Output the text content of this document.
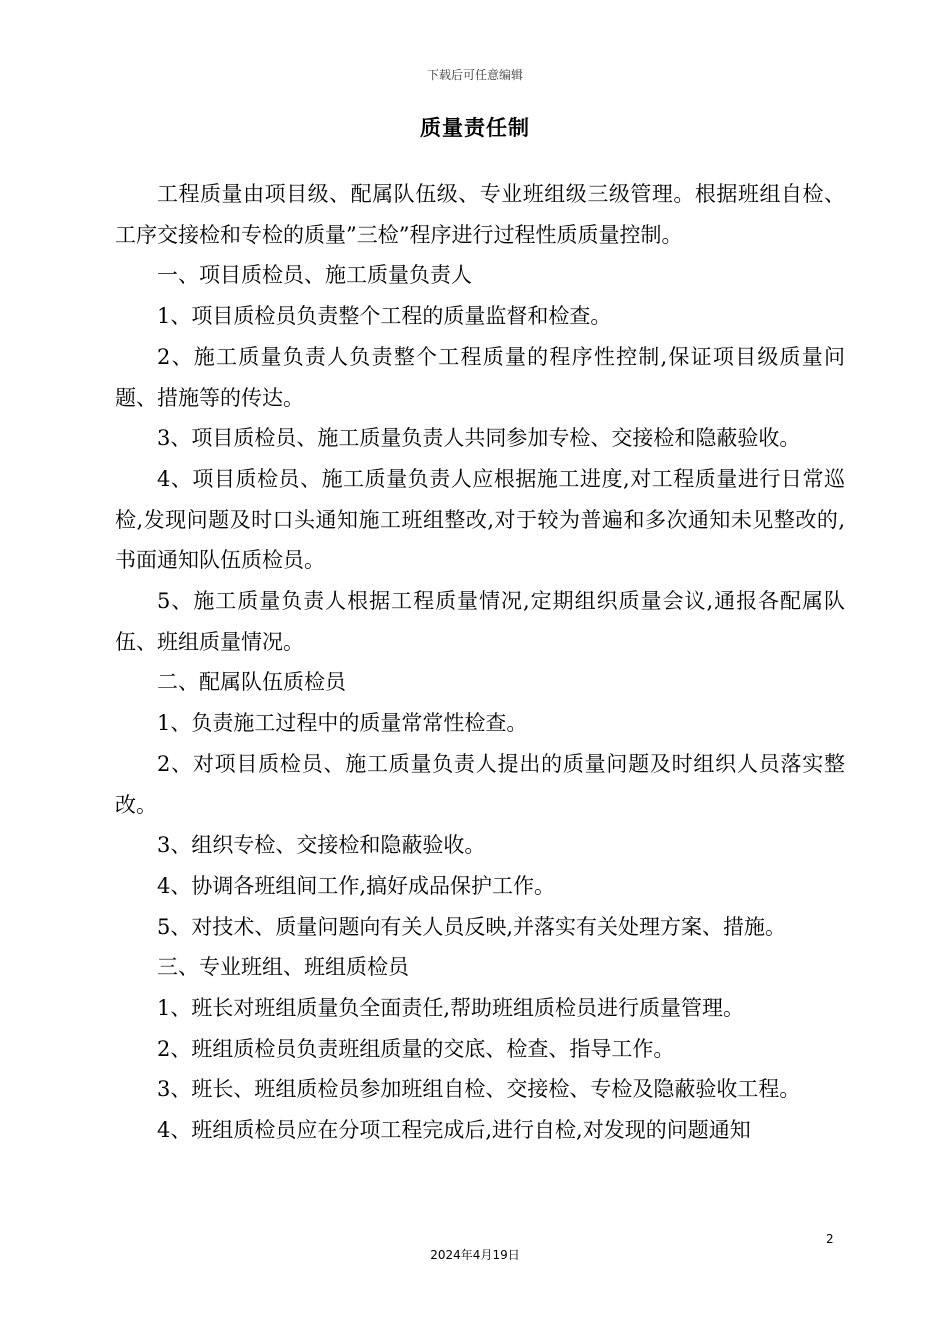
下载后可任意编辑
质量责任制

工程质量由项目级、配属队伍级、专业班组级三级管理。根据班组自检、工序交接检和专检的质量”三检”程序进行过程性质质量控制。

一、项目质检员、施工质量负责人

1、项目质检员负责整个工程的质量监督和检查。

2、施工质量负责人负责整个工程质量的程序性控制,保证项目级质量问题、措施等的传达。

3、项目质检员、施工质量负责人共同参加专检、交接检和隐蔽验收。

4、项目质检员、施工质量负责人应根据施工进度,对工程质量进行日常巡检,发现问题及时口头通知施工班组整改,对于较为普遍和多次通知未见整改的,书面通知队伍质检员。

5、施工质量负责人根据工程质量情况,定期组织质量会议,通报各配属队伍、班组质量情况。

二、配属队伍质检员

1、负责施工过程中的质量常常性检查。

2、对项目质检员、施工质量负责人提出的质量问题及时组织人员落实整改。

3、组织专检、交接检和隐蔽验收。

4、协调各班组间工作,搞好成品保护工作。

5、对技术、质量问题向有关人员反映,并落实有关处理方案、措施。

三、专业班组、班组质检员

1、班长对班组质量负全面责任,帮助班组质检员进行质量管理。

2、班组质检员负责班组质量的交底、检查、指导工作。

3、班长、班组质检员参加班组自检、交接检、专检及隐蔽验收工程。

4、班组质检员应在分项工程完成后,进行自检,对发现的问题通知

2
2024年4月19日
